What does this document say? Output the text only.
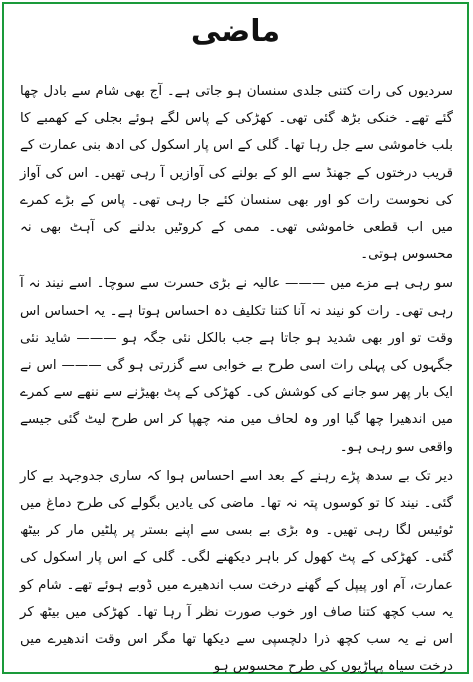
ماضی

سردیوں کی رات کتنی جلدی سنسان ہو جاتی ہے۔ آج بھی شام سے بادل چھا گئے تھے۔ خنکی بڑھ گئی تھی۔ کھڑکی کے پاس لگے ہوئے بجلی کے کھمبے کا بلب خاموشی سے جل رہا تھا۔ گلی کے اس پار اسکول کی ادھ بنی عمارت کے قریب درختوں کے جھنڈ سے الو کے بولنے کی آوازیں آ رہی تھیں۔ اس کی آواز کی نحوست رات کو اور بھی سنسان کئے جا رہی تھی۔ پاس کے بڑے کمرے میں اب قطعی خاموشی تھی۔ ممی کے کروٹیں بدلنے کی آہٹ بھی نہ محسوس ہوتی۔

سو رہی ہے مزے میں ——— عالیہ نے بڑی حسرت سے سوچا۔ اسے نیند نہ آ رہی تھی۔ رات کو نیند نہ آنا کتنا تکلیف دہ احساس ہوتا ہے۔ یہ احساس اس وقت تو اور بھی شدید ہو جاتا ہے جب بالکل نئی جگہ ہو ——— شاید نئی جگہوں کی پہلی رات اسی طرح بے خوابی سے گزرتی ہو گی ——— اس نے ایک بار پھر سو جانے کی کوشش کی۔ کھڑکی کے پٹ بھیڑنے سے ننھے سے کمرے میں اندھیرا چھا گیا اور وہ لحاف میں منہ چھپا کر اس طرح لیٹ گئی جیسے واقعی سو رہی ہو۔

دیر تک بے سدھ پڑے رہنے کے بعد اسے احساس ہوا کہ ساری جدوجہد بے کار گئی۔ نیند کا تو کوسوں پتہ نہ تھا۔ ماضی کی یادیں بگولے کی طرح دماغ میں ٹوئیس لگا رہی تھیں۔ وہ بڑی بے بسی سے اپنے بستر پر پلٹیں مار کر بیٹھ گئی۔ کھڑکی کے پٹ کھول کر باہر دیکھنے لگی۔ گلی کے اس پار اسکول کی عمارت، آم اور پیپل کے گھنے درخت سب اندھیرے میں ڈوبے ہوئے تھے۔ شام کو یہ سب کچھ کتنا صاف اور خوب صورت نظر آ رہا تھا۔ کھڑکی میں بیٹھ کر اس نے یہ سب کچھ ذرا دلچسپی سے دیکھا تھا مگر اس وقت اندھیرے میں درخت سیاہ پہاڑیوں کی طرح محسوس ہو
